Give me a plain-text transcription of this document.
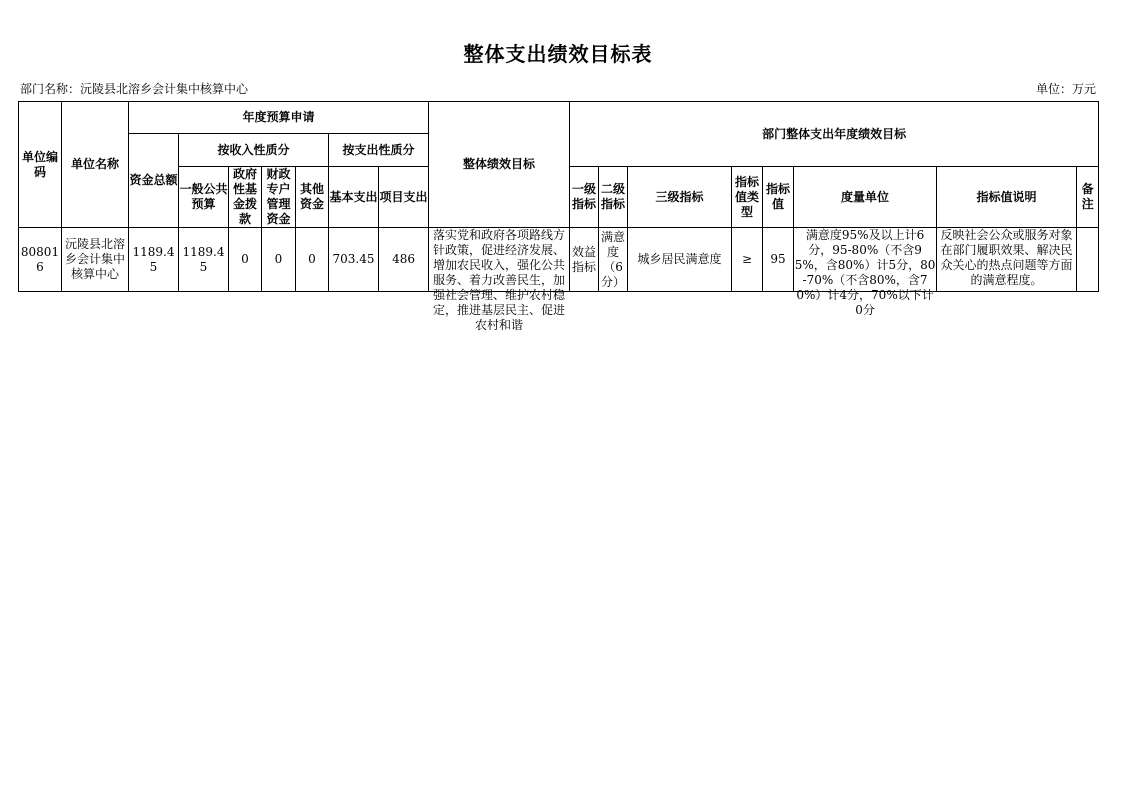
整体支出绩效目标表
部门名称：沅陵县北溶乡会计集中核算中心	单位：万元
单位编码	单位名称	年度预算申请							整体绩效目标	部门整体支出年度绩效目标							
		资金总额	按收入性质分				按支出性质分										
			一般公共预算	政府性基金拨款	财政专户管理资金	其他资金	基本支出	项目支出		一级指标	二级指标	三级指标	指标值类型	指标值	度量单位	指标值说明	备注

808016	沅陵县北溶乡会计集中核算中心	1189.45	1189.45	0	0	0	703.45	486	落实党和政府各项路线方针政策，促进经济发展、增加农民收入，强化公共服务、着力改善民生，加强社会管理、维护农村稳定，推进基层民主、促进农村和谐	效益指标	满意度（6分）	城乡居民满意度	≥	95	满意度95%及以上计6分，95-80%（不含95%，含80%）计5分，80-70%（不含80%，含70%）计4分，70%以下计0分	反映社会公众或服务对象在部门履职效果、解决民众关心的热点问题等方面的满意程度。	
